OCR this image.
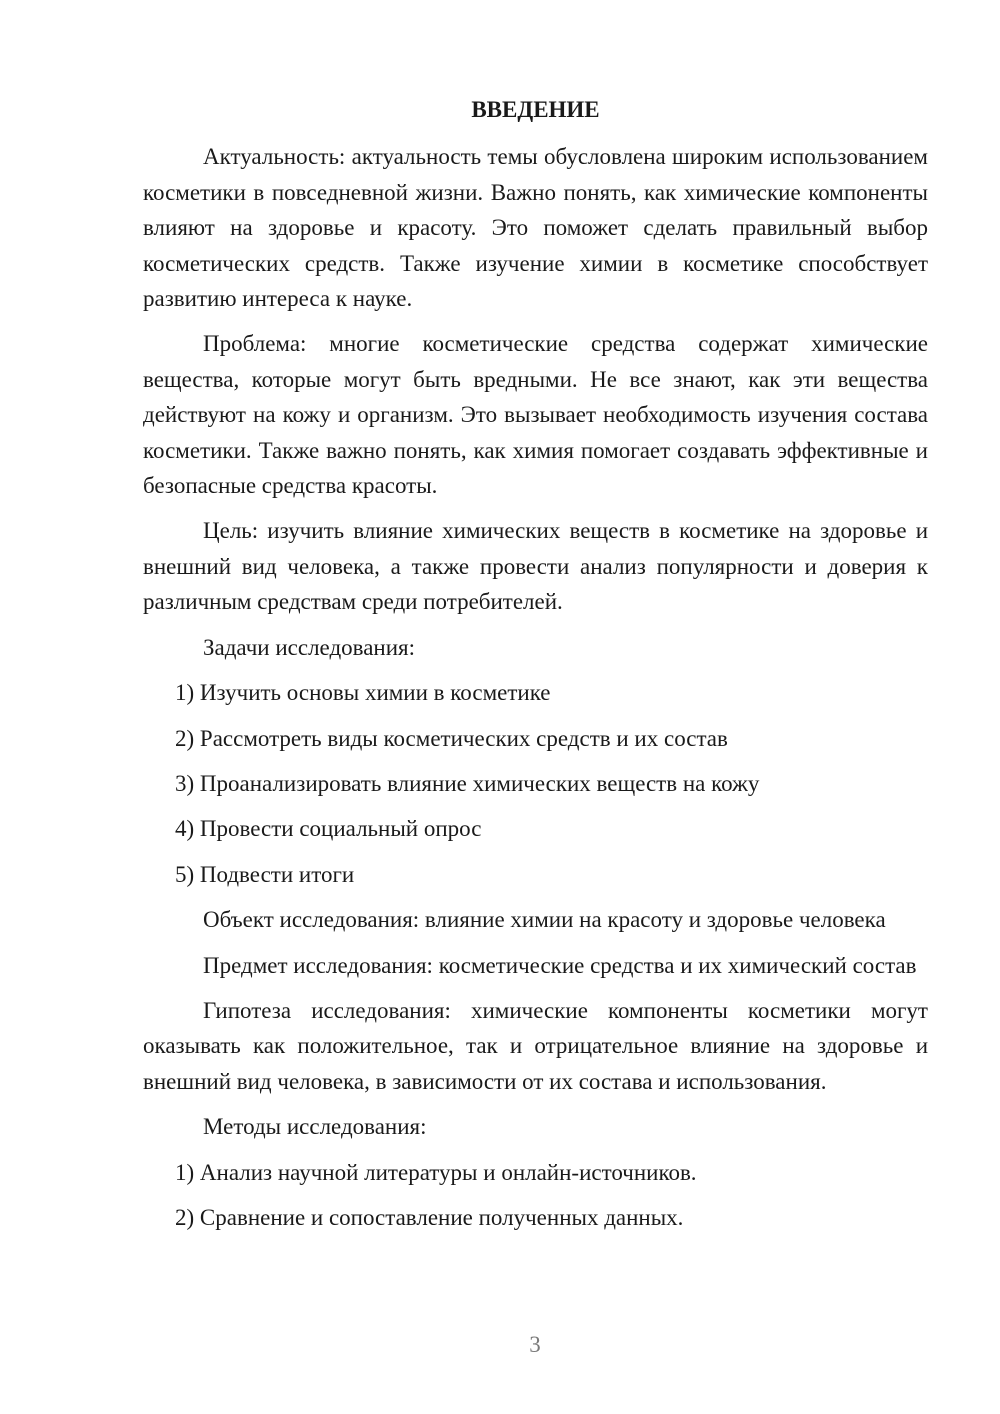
ВВЕДЕНИЕ

Актуальность: актуальность темы обусловлена широким использованием косметики в повседневной жизни. Важно понять, как химические компоненты влияют на здоровье и красоту. Это поможет сделать правильный выбор косметических средств. Также изучение химии в косметике способствует развитию интереса к науке.

Проблема: многие косметические средства содержат химические вещества, которые могут быть вредными. Не все знают, как эти вещества действуют на кожу и организм. Это вызывает необходимость изучения состава косметики. Также важно понять, как химия помогает создавать эффективные и безопасные средства красоты.

Цель: изучить влияние химических веществ в косметике на здоровье и внешний вид человека, а также провести анализ популярности и доверия к различным средствам среди потребителей.

Задачи исследования:

1) Изучить основы химии в косметике
2) Рассмотреть виды косметических средств и их состав
3) Проанализировать влияние химических веществ на кожу
4) Провести социальный опрос
5) Подвести итоги

Объект исследования: влияние химии на красоту и здоровье человека

Предмет исследования: косметические средства и их химический состав

Гипотеза исследования: химические компоненты косметики могут оказывать как положительное, так и отрицательное влияние на здоровье и внешний вид человека, в зависимости от их состава и использования.

Методы исследования:

1) Анализ научной литературы и онлайн-источников.
2) Сравнение и сопоставление полученных данных.
3
